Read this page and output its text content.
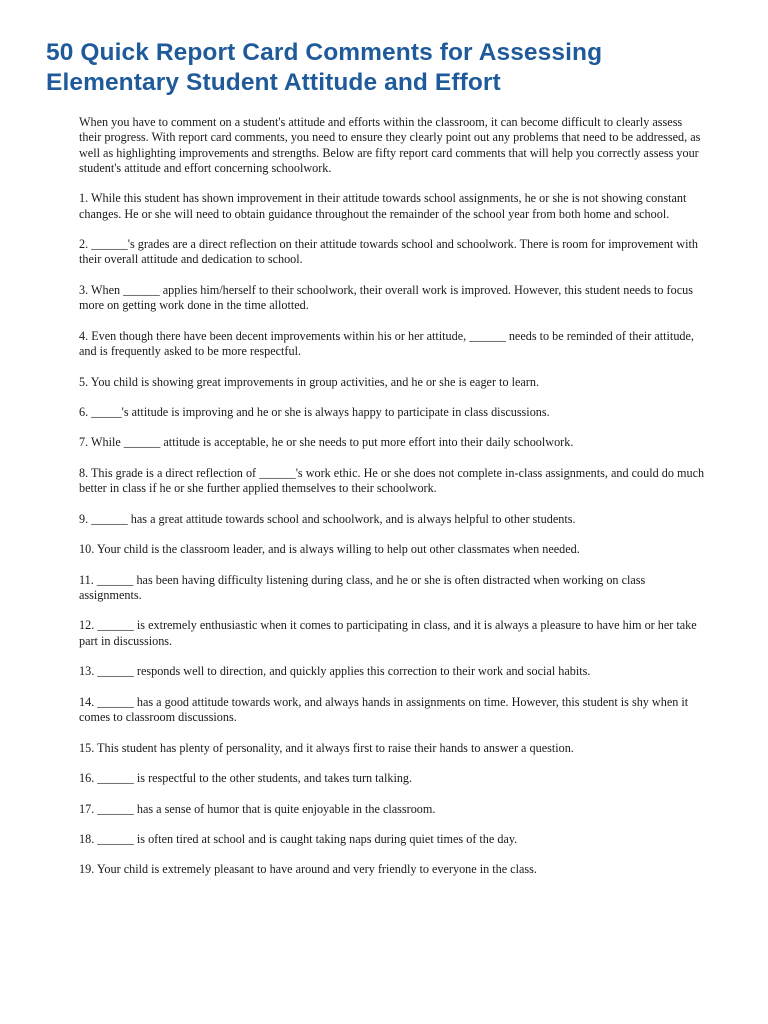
50 Quick Report Card Comments for Assessing Elementary Student Attitude and Effort

When you have to comment on a student's attitude and efforts within the classroom, it can become difficult to clearly assess their progress. With report card comments, you need to ensure they clearly point out any problems that need to be addressed, as well as highlighting improvements and strengths. Below are fifty report card comments that will help you correctly assess your student's attitude and effort concerning schoolwork.

1. While this student has shown improvement in their attitude towards school assignments, he or she is not showing constant changes. He or she will need to obtain guidance throughout the remainder of the school year from both home and school.

2. ______'s grades are a direct reflection on their attitude towards school and schoolwork. There is room for improvement with their overall attitude and dedication to school.

3. When ______ applies him/herself to their schoolwork, their overall work is improved. However, this student needs to focus more on getting work done in the time allotted.

4. Even though there have been decent improvements within his or her attitude, ______ needs to be reminded of their attitude, and is frequently asked to be more respectful.

5. You child is showing great improvements in group activities, and he or she is eager to learn.

6. _____'s attitude is improving and he or she is always happy to participate in class discussions.

7. While ______ attitude is acceptable, he or she needs to put more effort into their daily schoolwork.

8. This grade is a direct reflection of ______'s work ethic. He or she does not complete in-class assignments, and could do much better in class if he or she further applied themselves to their schoolwork.

9. ______ has a great attitude towards school and schoolwork, and is always helpful to other students.

10. Your child is the classroom leader, and is always willing to help out other classmates when needed.

11. ______ has been having difficulty listening during class, and he or she is often distracted when working on class assignments.

12. ______ is extremely enthusiastic when it comes to participating in class, and it is always a pleasure to have him or her take part in discussions.

13. ______ responds well to direction, and quickly applies this correction to their work and social habits.

14. ______ has a good attitude towards work, and always hands in assignments on time. However, this student is shy when it comes to classroom discussions.

15. This student has plenty of personality, and it always first to raise their hands to answer a question.

16. ______ is respectful to the other students, and takes turn talking.

17. ______ has a sense of humor that is quite enjoyable in the classroom.

18. ______ is often tired at school and is caught taking naps during quiet times of the day.

19. Your child is extremely pleasant to have around and very friendly to everyone in the class.
